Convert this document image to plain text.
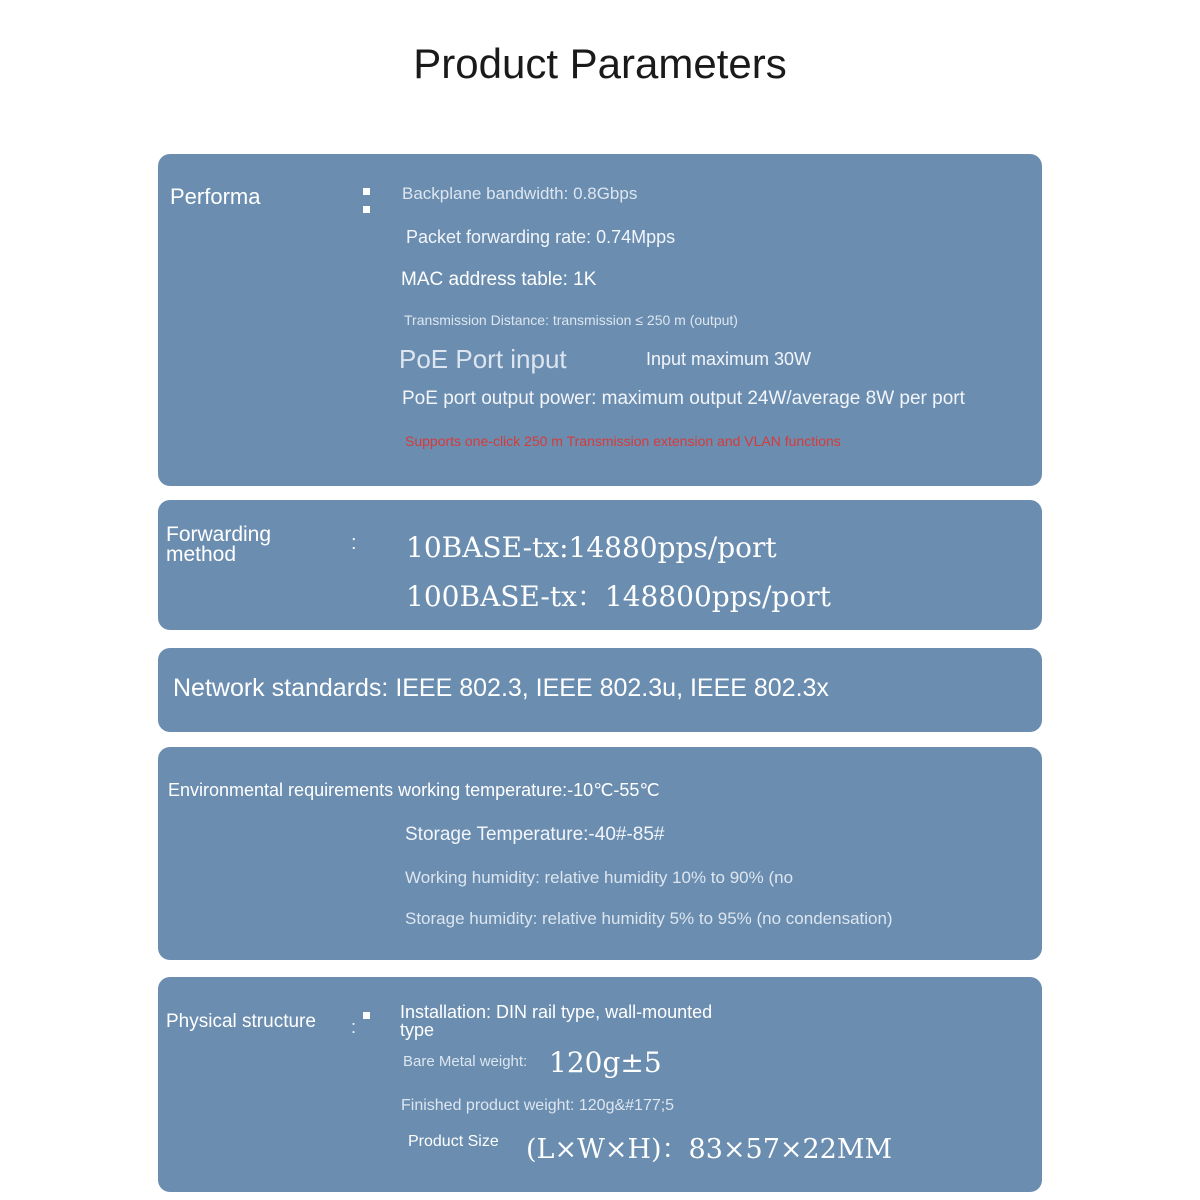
Product Parameters
Performa	Backplane bandwidth: 0.8Gbps
Packet forwarding rate: 0.74Mpps
MAC address table: 1K
Transmission Distance: transmission ≤ 250 m (output)
PoE Port input	Input maximum 30W
PoE port output power: maximum output 24W/average 8W per port
Supports one-click 250 m Transmission extension and VLAN functions
Forwarding
method	: 10BASE-tx:14880pps/port
100BASE-tx：148800pps/port
Network standards: IEEE 802.3, IEEE 802.3u, IEEE 802.3x
Environmental requirements working temperature:-10℃-55℃
Storage Temperature:-40#-85#
Working humidity: relative humidity 10% to 90% (no
Storage humidity: relative humidity 5% to 95% (no condensation)
Physical structure :
Installation: DIN rail type, wall-mounted
type
Bare Metal weight: 120g±5
Finished product weight: 120g&#177;5
Product Size (L×W×H)：83×57×22MM
